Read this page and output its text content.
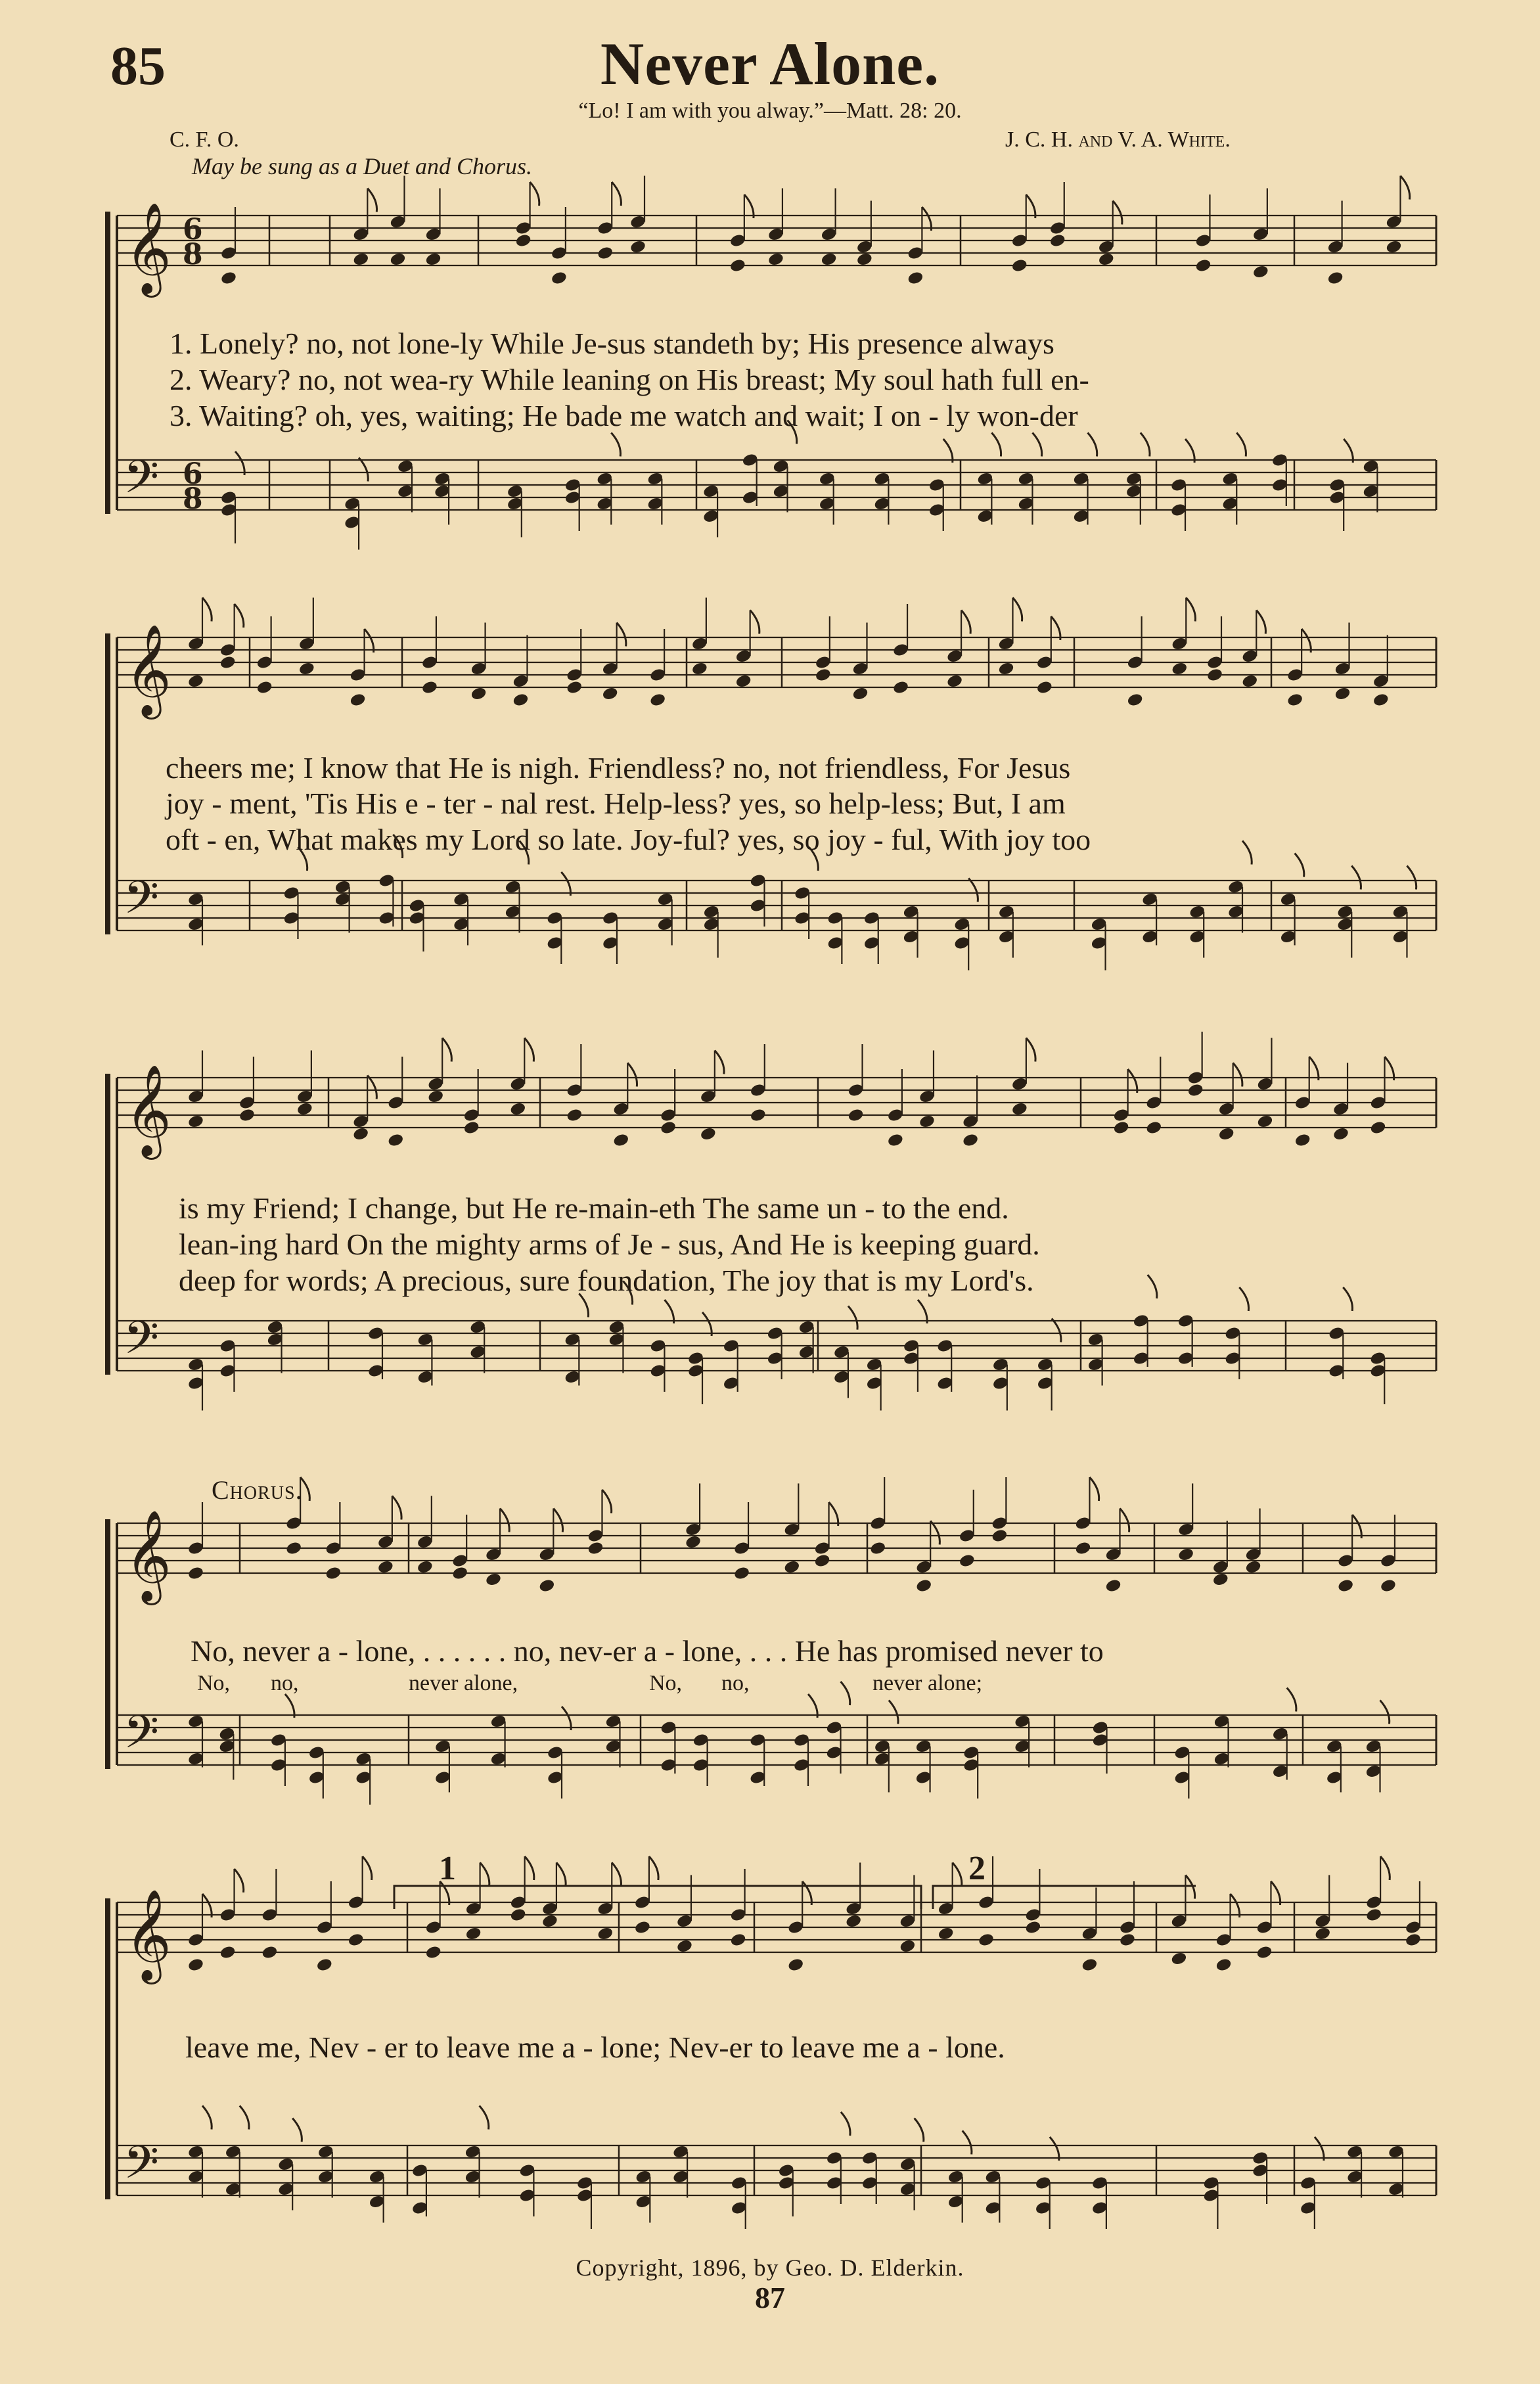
85	Never Alone.
“Lo! I am with you alway.”—Matt. 28: 20.
C. F. O.	J. C. H. and V. A. White.
May be sung as a Duet and Chorus.
𝄞
𝄢
6
8
6
8
𝄞
𝄢
𝄞
𝄢
𝄞
𝄢
𝄞
𝄢
1. Lonely? no, not lone-ly While Je-sus standeth by; His presence always
2. Weary? no, not wea-ry While leaning on His breast; My soul hath full en-
3. Waiting? oh, yes, waiting; He bade me watch and wait; I on - ly won-der
cheers me; I know that He is nigh. Friendless? no, not friendless, For Jesus
joy - ment, 'Tis His e - ter - nal rest. Help-less? yes, so help-less; But, I am
oft - en, What makes my Lord so late. Joy-ful? yes, so joy - ful, With joy too
is my Friend; I change, but He re-main-eth The same un - to the end.
lean-ing hard On the mighty arms of Je - sus, And He is keeping guard.
deep for words; A precious, sure foundation, The joy that is my Lord's.
Chorus.
No, never a - lone, . . . . . . no, nev-er a - lone, . . . He has promised never to
No, no,	never alone,	No, no,	never alone;
1	2
leave me, Nev - er to leave me a - lone; Nev-er to leave me a - lone.
Copyright, 1896, by Geo. D. Elderkin.
87
